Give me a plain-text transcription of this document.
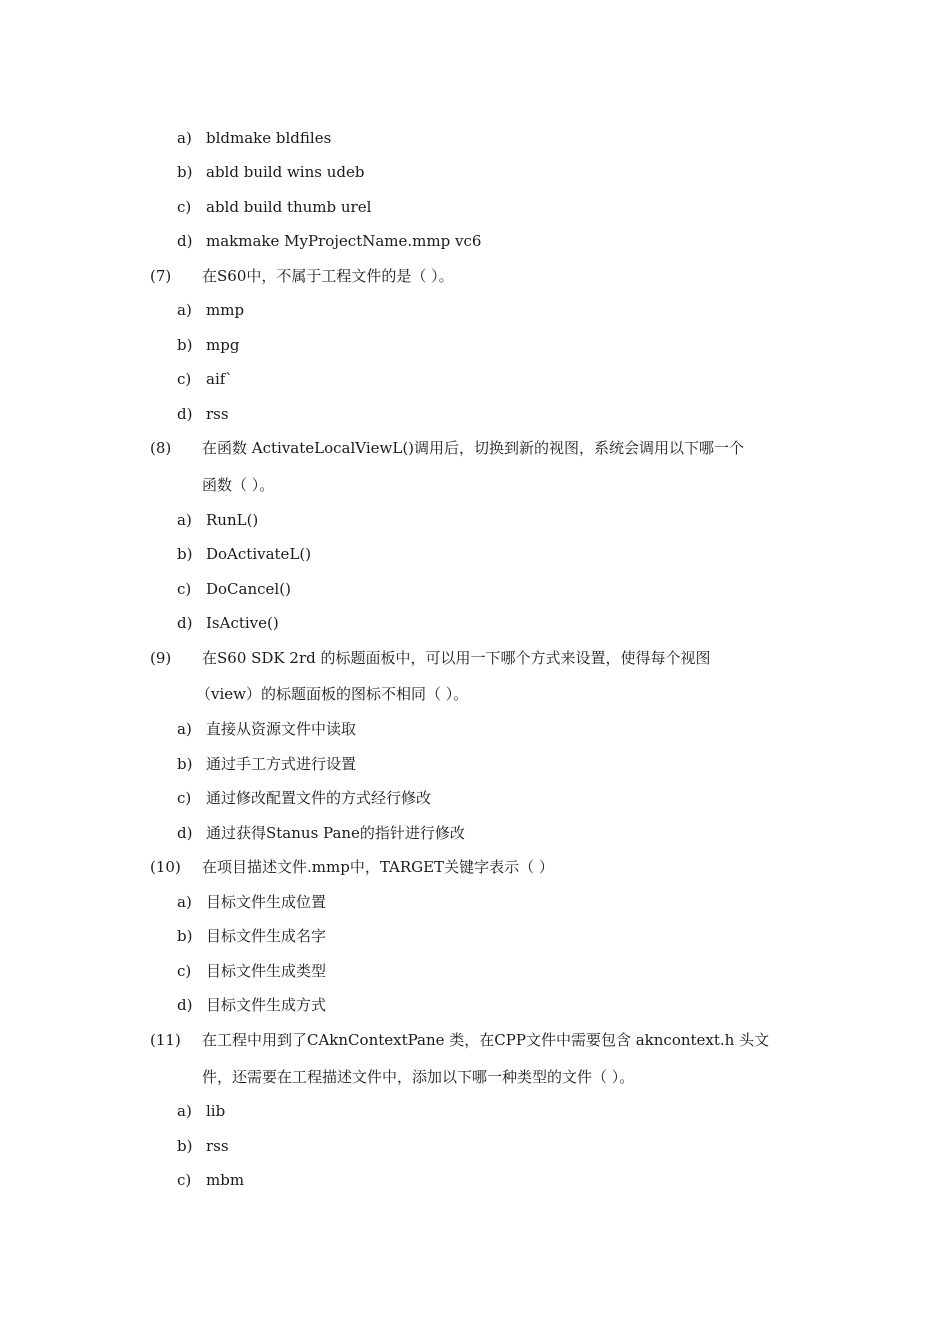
a) bldmake bldfiles
b) abld build wins udeb
c) abld build thumb urel
d) makmake MyProjectName.mmp vc6
(7) 在S60中，不属于工程文件的是（ ）。
a) mmp
b) mpg
c) aif`
d) rss
(8) 在函数 ActivateLocalViewL()调用后，切换到新的视图，系统会调用以下哪一个
函数（ ）。
a) RunL()
b) DoActivateL()
c) DoCancel()
d) IsActive()
(9) 在S60 SDK 2rd 的标题面板中，可以用一下哪个方式来设置，使得每个视图
（view）的标题面板的图标不相同（ ）。
a) 直接从资源文件中读取
b) 通过手工方式进行设置
c) 通过修改配置文件的方式经行修改
d) 通过获得Stanus Pane的指针进行修改
(10) 在项目描述文件.mmp中，TARGET关键字表示（ ）
a) 目标文件生成位置
b) 目标文件生成名字
c) 目标文件生成类型
d) 目标文件生成方式
(11) 在工程中用到了CAknContextPane 类，在CPP文件中需要包含 akncontext.h 头文
件，还需要在工程描述文件中，添加以下哪一种类型的文件（ ）。
a) lib
b) rss
c) mbm
